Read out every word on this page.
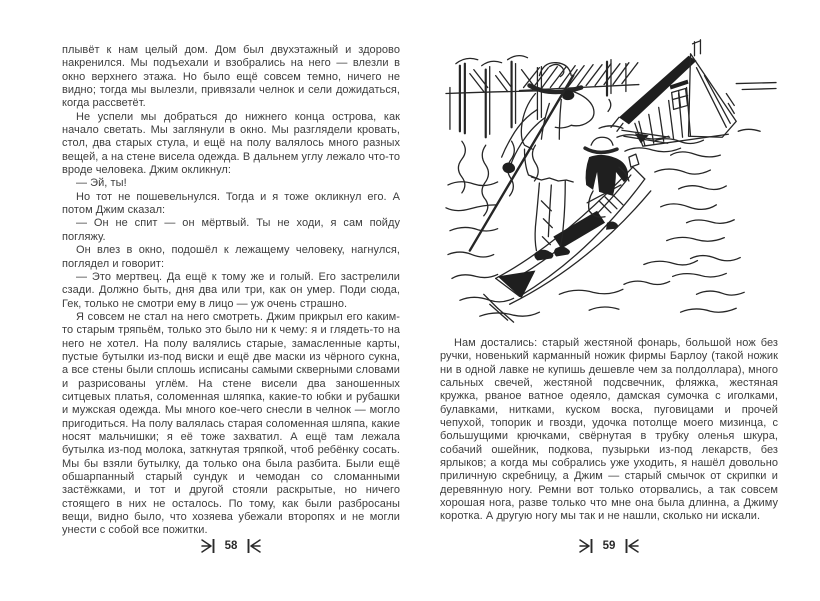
плывёт к нам целый дом. Дом был двухэтажный и здорово накренился. Мы подъехали и взобрались на него — влезли в окно верхнего этажа. Но было ещё совсем темно, ничего не видно; тогда мы вылезли, привязали челнок и сели дожидаться, когда рассветёт.

Не успели мы добраться до нижнего конца острова, как начало светать. Мы заглянули в окно. Мы разглядели кровать, стол, два старых стула, и ещё на полу валялось много разных вещей, а на стене висела одежда. В дальнем углу лежало что-то вроде человека. Джим окликнул:

— Эй, ты!

Но тот не пошевельнулся. Тогда и я тоже окликнул его. А потом Джим сказал:

— Он не спит — он мёртвый. Ты не ходи, я сам пойду погляжу.

Он влез в окно, подошёл к лежащему человеку, нагнулся, поглядел и говорит:

— Это мертвец. Да ещё к тому же и голый. Его застрелили сзади. Должно быть, дня два или три, как он умер. Поди сюда, Гек, только не смотри ему в лицо — уж очень страшно.

Я совсем не стал на него смотреть. Джим прикрыл его каким-то старым тряпьём, только это было ни к чему: я и глядеть-то на него не хотел. На полу валялись старые, замасленные карты, пустые бутылки из-под виски и ещё две маски из чёрного сукна, а все стены были сплошь исписаны самыми скверными словами и разрисованы углём. На стене висели два заношенных ситцевых платья, соломенная шляпка, какие-то юбки и рубашки и мужская одежда. Мы много кое-чего снесли в челнок — могло пригодиться. На полу валялась старая соломенная шляпа, какие носят мальчишки; я её тоже захватил. А ещё там лежала бутылка из-под молока, заткнутая тряпкой, чтоб ребёнку сосать. Мы бы взяли бутылку, да только она была разбита. Были ещё обшарпанный старый сундук и чемодан со сломанными застёжками, и тот и другой стояли раскрытые, но ничего стоящего в них не осталось. По тому, как были разбросаны вещи, видно было, что хозяева убежали второпях и не могли унести с собой все пожитки.

Нам достались: старый жестяной фонарь, большой нож без ручки, новенький карманный ножик фирмы Барлоу (такой ножик ни в одной лавке не купишь дешевле чем за полдоллара), много сальных свечей, жестяной подсвечник, фляжка, жестяная кружка, рваное ватное одеяло, дамская сумочка с иголками, булавками, нитками, куском воска, пуговицами и прочей чепухой, топорик и гвозди, удочка потолще моего мизинца, с большущими крючками, свёрнутая в трубку оленья шкура, собачий ошейник, подкова, пузырьки из-под лекарств, без ярлыков; а когда мы собрались уже уходить, я нашёл довольно приличную скребницу, а Джим — старый смычок от скрипки и деревянную ногу. Ремни вот только оторвались, а так совсем хорошая нога, разве только что мне она была длинна, а Джиму коротка. А другую ногу мы так и не нашли, сколько ни искали.

58	59
